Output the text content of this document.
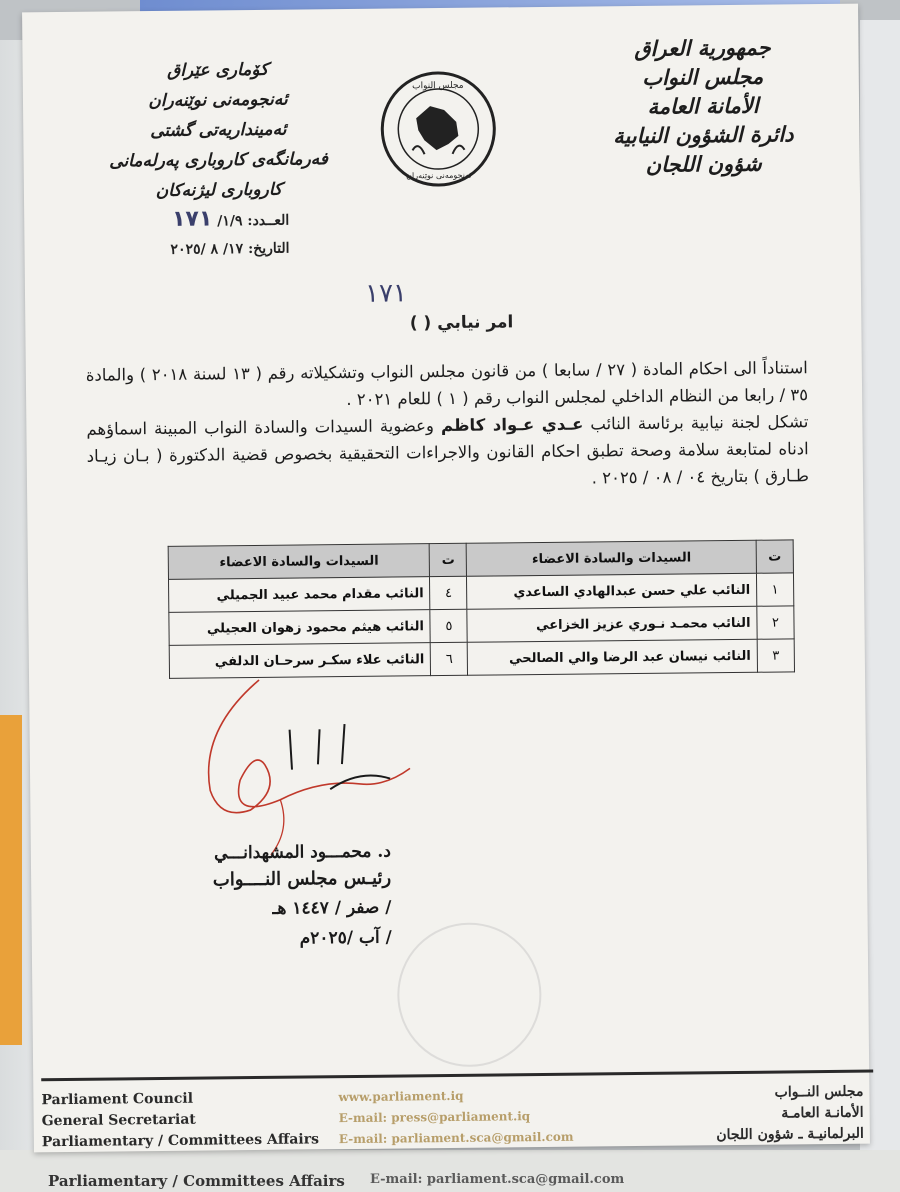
Parliamentary / Committees Affairs E-mail: parliament.sca@gmail.com
جمهورية العراق
مجلس النواب
الأمانة العامة
دائرة الشؤون النيابية
شؤون اللجان
كۆماری عێراق
ئەنجومەنی نوێنەران
ئەمینداریەتی گشتی
فەرمانگەی کاروباری پەرلەمانی
کاروباری لیژنەکان
مجلس النواب
ئەنجومەنی نوێنەران
العــدد: ١/٩/ ١٧١
التاريخ: ١٧/ ٨ /٢٠٢٥
١٧١
امر نيابي ( )

استناداً الى احكام المادة ( ٢٧ / سابعا ) من قانون مجلس النواب وتشكيلاته رقم ( ١٣ لسنة ٢٠١٨ ) والمادة ٣٥ / رابعا من النظام الداخلي لمجلس النواب رقم ( ١ ) للعام ٢٠٢١ .

تشكل لجنة نيابية برئاسة النائب عـدي عـواد كاظم وعضوية السيدات والسادة النواب المبينة اسماؤهم ادناه لمتابعة سلامة وصحة تطبق احكام القانون والاجراءات التحقيقية بخصوص قضية الدكتورة ( بـان زيـاد طـارق ) بتاريخ ٠٤ / ٠٨ / ٢٠٢٥ .

ت	السيدات والسادة الاعضاء	ت	السيدات والسادة الاعضاء
١	النائب علي حسن عبدالهادي الساعدي	٤	النائب مقدام محمد عبيد الجميلي
٢	النائب محمـد نـوري عزيز الخزاعي	٥	النائب هيثم محمود زهوان العجيلي
٣	النائب نيسان عبد الرضا والي الصالحي	٦	النائب علاء سكـر سرحـان الدلفي
د. محمـــود المشهدانـــي
رئيـس مجلس النــــواب
/ صفر / ١٤٤٧ هـ
/ آب /٢٠٢٥م
Parliament Council
General Secretariat
Parliamentary / Committees Affairs
www.parliament.iq
E-mail: press@parliament.iq
E-mail: parliament.sca@gmail.com
مجلس النــواب
الأمانـة العامـة
البرلمانيـة ـ شؤون اللجان
